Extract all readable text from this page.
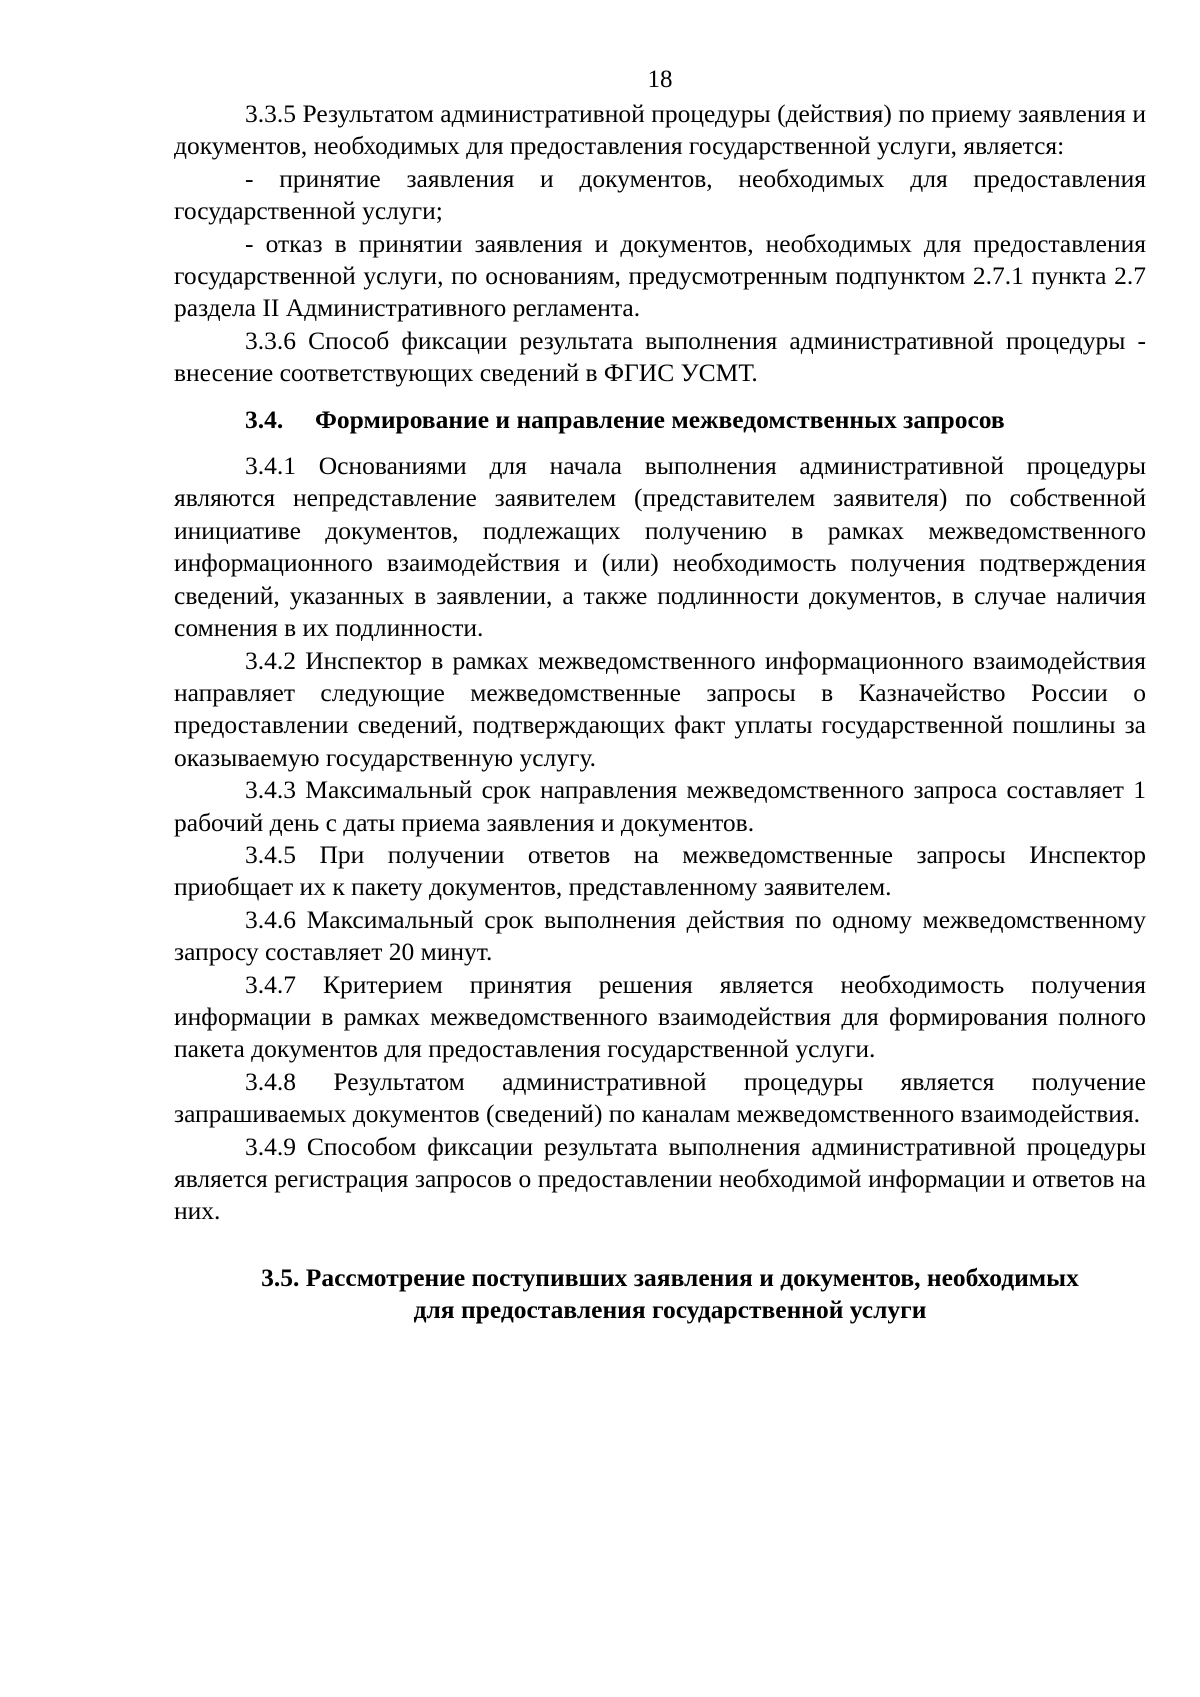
18

3.3.5 Результатом административной процедуры (действия) по приему заявления и документов, необходимых для предоставления государственной услуги, является:

- принятие заявления и документов, необходимых для предоставления государственной услуги;

- отказ в принятии заявления и документов, необходимых для предоставления государственной услуги, по основаниям, предусмотренным подпунктом 2.7.1 пункта 2.7 раздела II Административного регламента.

3.3.6 Способ фиксации результата выполнения административной процедуры - внесение соответствующих сведений в ФГИС УСМТ.

3.4. Формирование и направление межведомственных запросов

3.4.1 Основаниями для начала выполнения административной процедуры являются непредставление заявителем (представителем заявителя) по собственной инициативе документов, подлежащих получению в рамках межведомственного информационного взаимодействия и (или) необходимость получения подтверждения сведений, указанных в заявлении, а также подлинности документов, в случае наличия сомнения в их подлинности.

3.4.2 Инспектор в рамках межведомственного информационного взаимодействия направляет следующие межведомственные запросы в Казначейство России о предоставлении сведений, подтверждающих факт уплаты государственной пошлины за оказываемую государственную услугу.

3.4.3 Максимальный срок направления межведомственного запроса составляет 1 рабочий день с даты приема заявления и документов.

3.4.5 При получении ответов на межведомственные запросы Инспектор приобщает их к пакету документов, представленному заявителем.

3.4.6 Максимальный срок выполнения действия по одному межведомственному запросу составляет 20 минут.

3.4.7 Критерием принятия решения является необходимость получения информации в рамках межведомственного взаимодействия для формирования полного пакета документов для предоставления государственной услуги.

3.4.8 Результатом административной процедуры является получение запрашиваемых документов (сведений) по каналам межведомственного взаимодействия.

3.4.9 Способом фиксации результата выполнения административной процедуры является регистрация запросов о предоставлении необходимой информации и ответов на них.

3.5. Рассмотрение поступивших заявления и документов, необходимых
для предоставления государственной услуги
